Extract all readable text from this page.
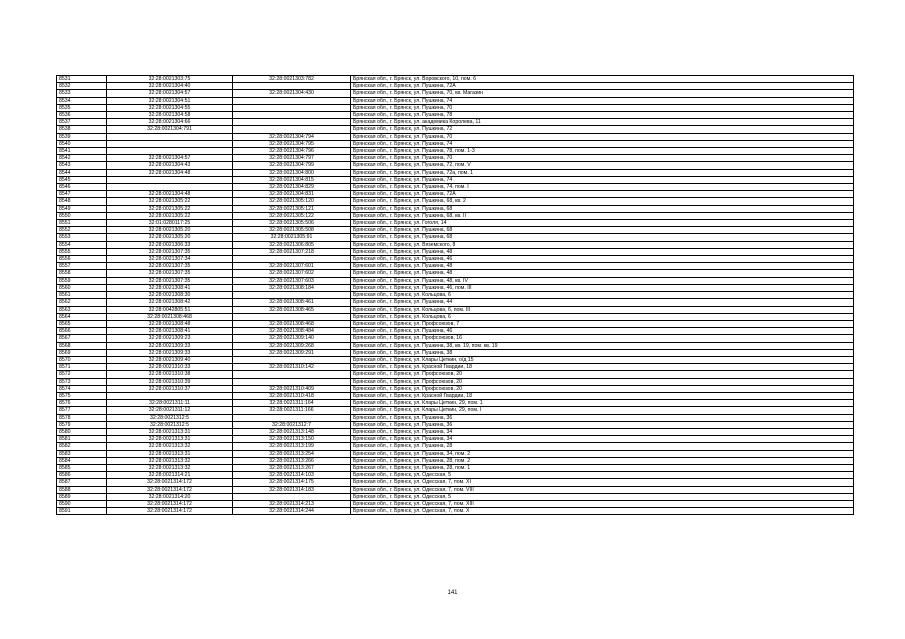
8531	32:28:0021303:75	32:28:0021303:782	Брянская обл., г. Брянск, ул. Воровского, 10, пом. 6
8532	32:28:0021304:40		Брянская обл., г. Брянск, ул. Пушкина, 72А
8533	32:28:0021304:57	32:28:0021304:430	Брянская обл., г. Брянск, ул. Пушкина, 70, кв. Магазин
8534	32:28:0021304:51		Брянская обл., г. Брянск, ул. Пушкина, 74
8535	32:28:0021304:55		Брянская обл., г. Брянск, ул. Пушкина, 70
8536	32:28:0021304:58		Брянская обл., г. Брянск, ул. Пушкина, 78
8537	32:28:0021304:66		Брянская обл., г. Брянск, ул. академика Королева, 11
8538	32:28:0021304:791		Брянская обл., г. Брянск, ул. Пушкина, 72
8539		32:28:0021304:794	Брянская обл., г. Брянск, ул. Пушкина, 70
8540		32:28:0021304:795	Брянская обл., г. Брянск, ул. Пушкина, 74
8541		32:28:0021304:796	Брянская обл., г. Брянск, ул. Пушкина, 78, пом. 1-3
8542	32:28:0021304:57	32:28:0021304:797	Брянская обл., г. Брянск, ул. Пушкина, 70
8543	32:28:0021304:43	32:28:0021304:799	Брянская обл., г. Брянск, ул. Пушкина, 72, пом. V
8544	32:28:0021304:48	32:28:0021304:800	Брянская обл., г. Брянск, ул. Пушкина, 72а, пом. 1
8545		32:28:0021304:815	Брянская обл., г. Брянск, ул. Пушкина, 74
8546		32:28:0021304:829	Брянская обл., г. Брянск, ул. Пушкина, 74, пом. I
8547	32:28:0021304:48	32:28:0021304:831	Брянская обл., г. Брянск, ул. Пушкина, 72А
8548	32:28:0021305:22	32:28:0021305:120	Брянская обл., г. Брянск, ул. Пушкина, 68, кв. 2
8549	32:28:0021305:22	32:28:0021305:121	Брянская обл., г. Брянск, ул. Пушкина, 68
8550	32:28:0021305:22	32:28:0021305:122	Брянская обл., г. Брянск, ул. Пушкина, 68, кв. II
8551	32:01:0280117:25	32:28:0021305:506	Брянская обл., г. Брянск, ул. Гоголя, 14
8552	32:28:0021305:20	32:28:0021305:508	Брянская обл., г. Брянск, ул. Пушкина, 68
8553	32:28:0021305:20	32:28:0021305:91	Брянская обл., г. Брянск, ул. Пушкина, 68
8554	32:28:0021306:33	32:28:0021306:805	Брянская обл., г. Брянск, ул. Вяземского, 8
8555	32:28:0021307:35	32:28:0021307:218	Брянская обл., г. Брянск, ул. Пушкина, 48
8556	32:28:0021307:34		Брянская обл., г. Брянск, ул. Пушкина, 46
8557	32:28:0021307:35	32:28:0021307:601	Брянская обл., г. Брянск, ул. Пушкина, 48
8558	32:28:0021307:35	32:28:0021307:602	Брянская обл., г. Брянск, ул. Пушкина, 48
8559	32:28:0021307:35	32:28:0021307:603	Брянская обл., г. Брянск, ул. Пушкина, 48, кв. IV
8560	32:28:0021308:41	32:28:0021308:184	Брянская обл., г. Брянск, ул. Пушкина, 46, пом. III
8561	32:28:0021308:30		Брянская обл., г. Брянск, ул. Кольцова, 6
8562	32:28:0021308:42	32:28:0021308:461	Брянская обл., г. Брянск, ул. Пушкина, 44
8563	32:28:0042805:51	32:28:0021308:465	Брянская обл., г. Брянск, ул. Кольцова, 6, пом. III
8564	32:28:0021308:468		Брянская обл., г. Брянск, ул. Кольцова, 6
8565	32:28:0021308:48	32:28:0021308:468	Брянская обл., г. Брянск, ул. Профсоюзов, 7
8566	32:28:0021308:41	32:28:0021308:484	Брянская обл., г. Брянск, ул. Пушкина, 46
8567	32:28:0021309:23	32:28:0021309:140	Брянская обл., г. Брянск, ул. Профсоюзов, 16
8568	32:28:0021309:33	32:28:0021309:268	Брянская обл., г. Брянск, ул. Пушкина, 38, кв. 19, пом. кв. 19
8569	32:28:0021309:33	32:28:0021309:291	Брянская обл., г. Брянск, ул. Пушкина, 38
8570	32:28:0021309:40		Брянская обл., г. Брянск, ул. Клары Цеткин, о/д 15
8571	32:28:0021310:33	32:28:0021310:142	Брянская обл., г. Брянск, ул. Красной Гвардии, 18
8572	32:28:0021310:38		Брянская обл., г. Брянск, ул. Профсоюзов, 20
8573	32:28:0021310:39		Брянская обл., г. Брянск, ул. Профсоюзов, 20
8574	32:28:0021310:37	32:28:0021310:409	Брянская обл., г. Брянск, ул. Профсоюзов, 20
8575		32:28:0021310:418	Брянская обл., г. Брянск, ул. Красной Гвардии, 18
8576	32:28:0021311:11	32:28:0021311:164	Брянская обл., г. Брянск, ул. Клары Цеткин, 29, пом. 1
8577	32:28:0021311:12	32:28:0021311:166	Брянская обл., г. Брянск, ул. Клары Цеткин, 29, пом. I
8578	32:28:0021312:5		Брянская обл., г. Брянск, ул. Пушкина, 36
8579	32:28:0021312:5	32:28:0021312:7	Брянская обл., г. Брянск, ул. Пушкина, 36
8580	32:28:0021313:31	32:28:0021313:148	Брянская обл., г. Брянск, ул. Пушкина, 34
8581	32:28:0021313:31	32:28:0021313:150	Брянская обл., г. Брянск, ул. Пушкина, 34
8582	32:28:0021313:32	32:28:0021313:199	Брянская обл., г. Брянск, ул. Пушкина, 28
8583	32:28:0021313:31	32:28:0021313:254	Брянская обл., г. Брянск, ул. Пушкина, 34, пом. 2
8584	32:28:0021313:32	32:28:0021313:266	Брянская обл., г. Брянск, ул. Пушкина, 28, пом. 2
8585	32:28:0021313:32	32:28:0021313:267	Брянская обл., г. Брянск, ул. Пушкина, 28, пом. 1
8586	32:28:0021314:21	32:28:0021314:103	Брянская обл., г. Брянск, ул. Одесская, 5
8587	32:28:0021314:172	32:28:0021314:175	Брянская обл., г. Брянск, ул. Одесская, 7, пом. XI
8588	32:28:0021314:172	32:28:0021314:183	Брянская обл., г. Брянск, ул. Одесская, 7, пом. VIII
8589	32:28:0021314:20		Брянская обл., г. Брянск, ул. Одесская, 5
8590	32:28:0021314:172	32:28:0021314:213	Брянская обл., г. Брянск, ул. Одесская, 7, пом. XIII
8591	32:28:0021314:172	32:28:0021314:244	Брянская обл., г. Брянск, ул. Одесская, 7, пом. X
141
